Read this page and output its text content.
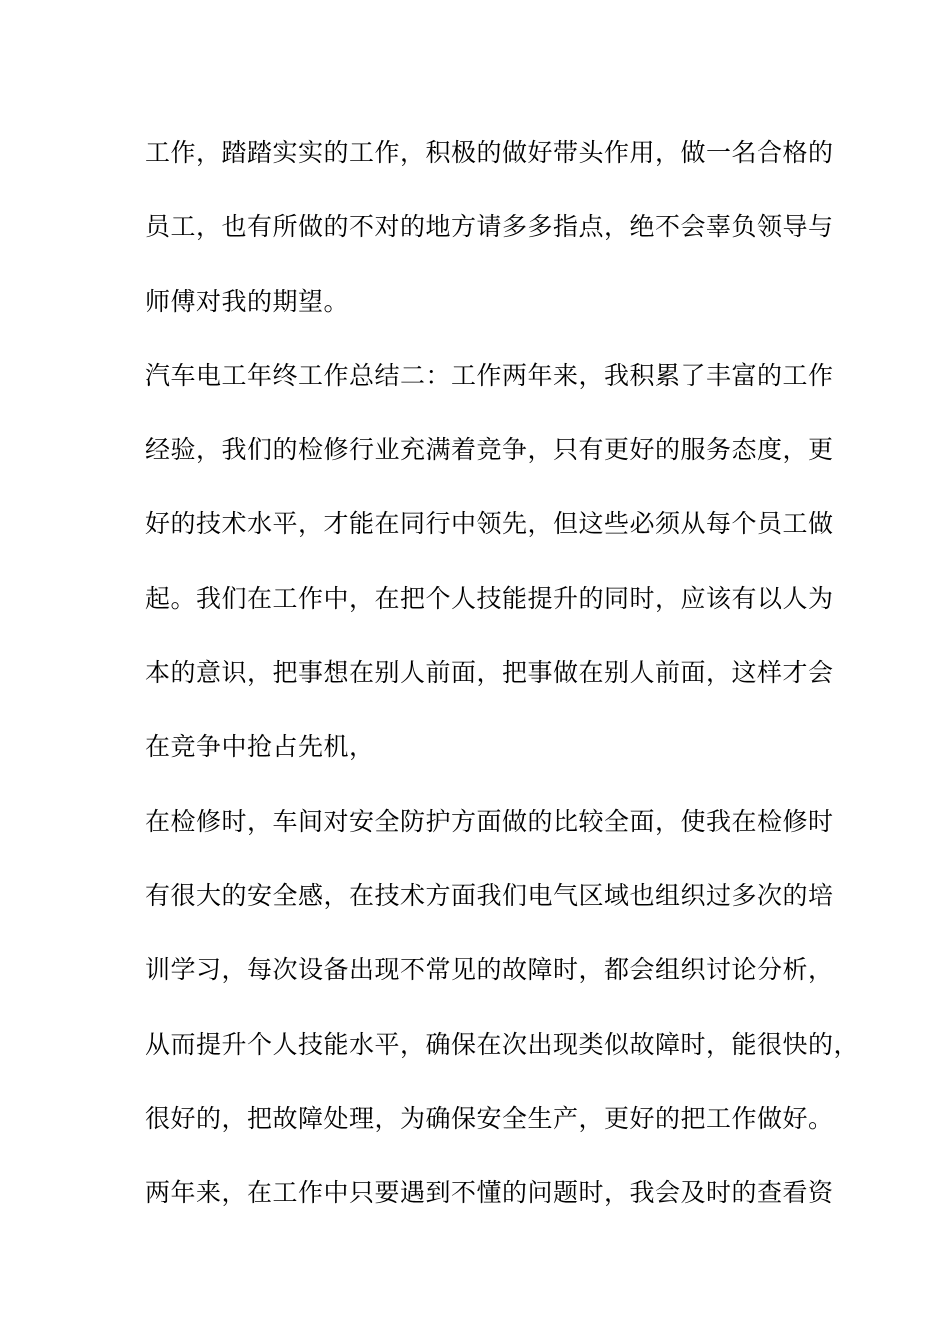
工作，踏踏实实的工作，积极的做好带头作用，做一名合格的
员工，也有所做的不对的地方请多多指点，绝不会辜负领导与
师傅对我的期望。
汽车电工年终工作总结二：工作两年来，我积累了丰富的工作
经验，我们的检修行业充满着竞争，只有更好的服务态度，更
好的技术水平，才能在同行中领先，但这些必须从每个员工做
起。我们在工作中，在把个人技能提升的同时，应该有以人为
本的意识，把事想在别人前面，把事做在别人前面，这样才会
在竞争中抢占先机，
在检修时，车间对安全防护方面做的比较全面，使我在检修时
有很大的安全感，在技术方面我们电气区域也组织过多次的培
训学习，每次设备出现不常见的故障时，都会组织讨论分析，
从而提升个人技能水平，确保在次出现类似故障时，能很快的，
很好的，把故障处理，为确保安全生产，更好的把工作做好。
两年来，在工作中只要遇到不懂的问题时，我会及时的查看资
